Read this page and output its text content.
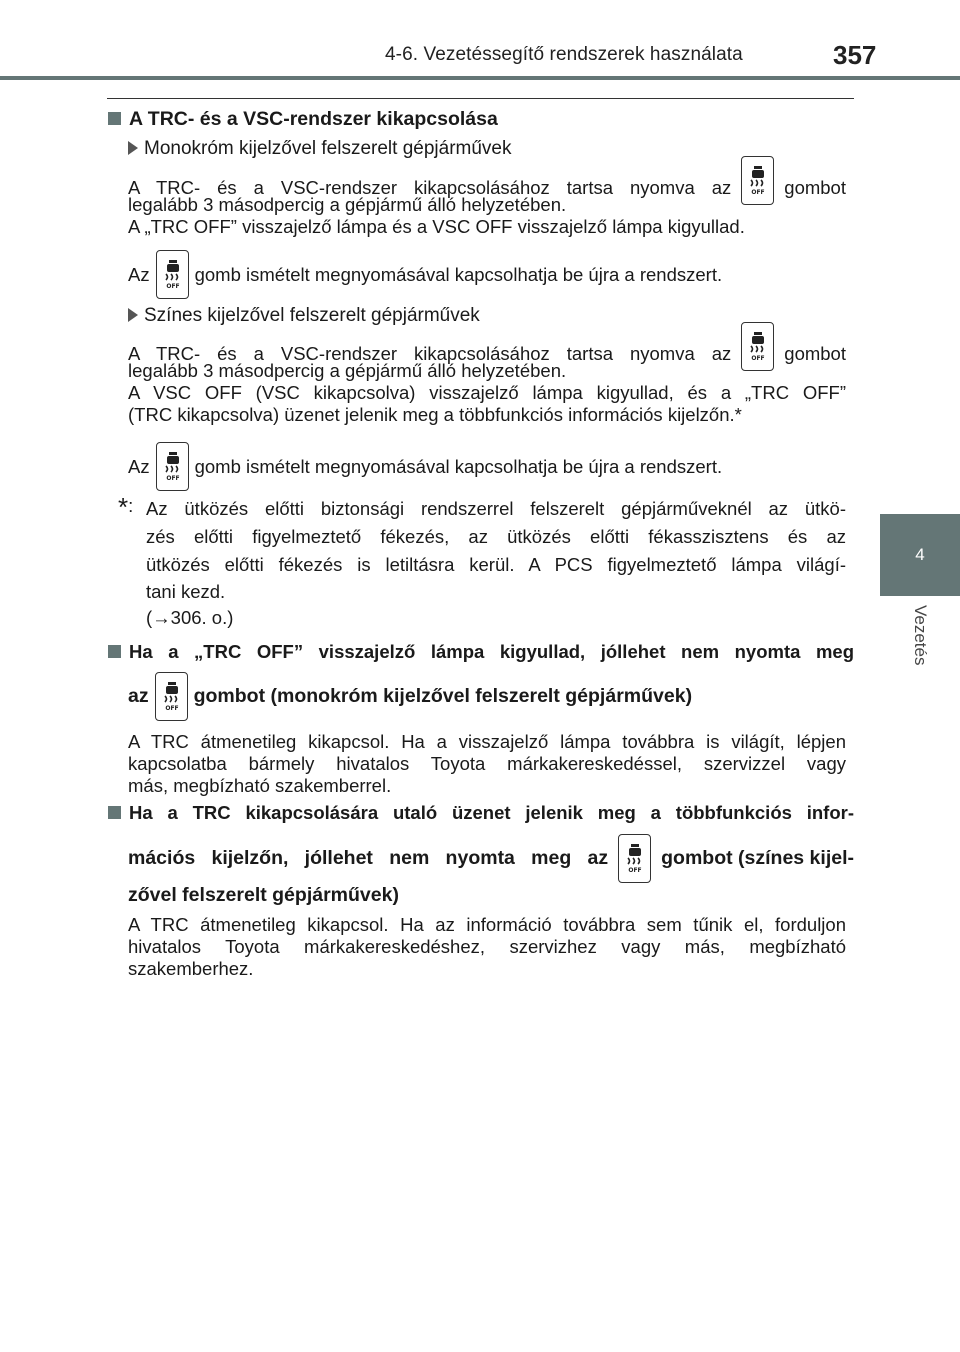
4-6. Vezetéssegítő rendszerek használata	357
4
Vezetés
A TRC- és a VSC-rendszer kikapcsolása
Monokróm kijelzővel felszerelt gépjárművek
A TRC- és a VSC-rendszer kikapcsolásához tartsa nyomva az	OFF gombot
legalább 3 másodpercig a gépjármű álló helyzetében.
A „TRC OFF” visszajelző lámpa és a VSC OFF visszajelző lámpa kigyullad.
Az
OFF
gomb ismételt megnyomásával kapcsolhatja be újra a rendszert.
Színes kijelzővel felszerelt gépjárművek
A TRC- és a VSC-rendszer kikapcsolásához tartsa nyomva az	OFF gombot
legalább 3 másodpercig a gépjármű álló helyzetében.
A VSC OFF (VSC kikapcsolva) visszajelző lámpa kigyullad, és a „TRC OFF”
(TRC kikapcsolva) üzenet jelenik meg a többfunkciós információs kijelzőn.*
Az
OFF
gomb ismételt megnyomásával kapcsolhatja be újra a rendszert.
*: Az ütközés előtti biztonsági rendszerrel felszerelt gépjárműveknél az ütkö-
zés előtti figyelmeztető fékezés, az ütközés előtti fékasszisztens és az
ütközés előtti fékezés is letiltásra kerül. A PCS figyelmeztető lámpa világí-
tani kezd.
(→306. o.)
Ha a „TRC OFF” visszajelző lámpa kigyullad, jóllehet nem nyomta meg
az
OFF
gombot (monokróm kijelzővel felszerelt gépjárművek)
A TRC átmenetileg kikapcsol. Ha a visszajelző lámpa továbbra is világít, lépjen
kapcsolatba bármely hivatalos Toyota márkakereskedéssel, szervizzel vagy
más, megbízható szakemberrel.
Ha a TRC kikapcsolására utaló üzenet jelenik meg a többfunkciós infor-
mációs kijelzőn, jóllehet nem nyomta meg az
OFF
gombot (színes kijel-
zővel felszerelt gépjárművek)
A TRC átmenetileg kikapcsol. Ha az információ továbbra sem tűnik el, forduljon
hivatalos Toyota márkakereskedéshez, szervizhez vagy más, megbízható
szakemberhez.
